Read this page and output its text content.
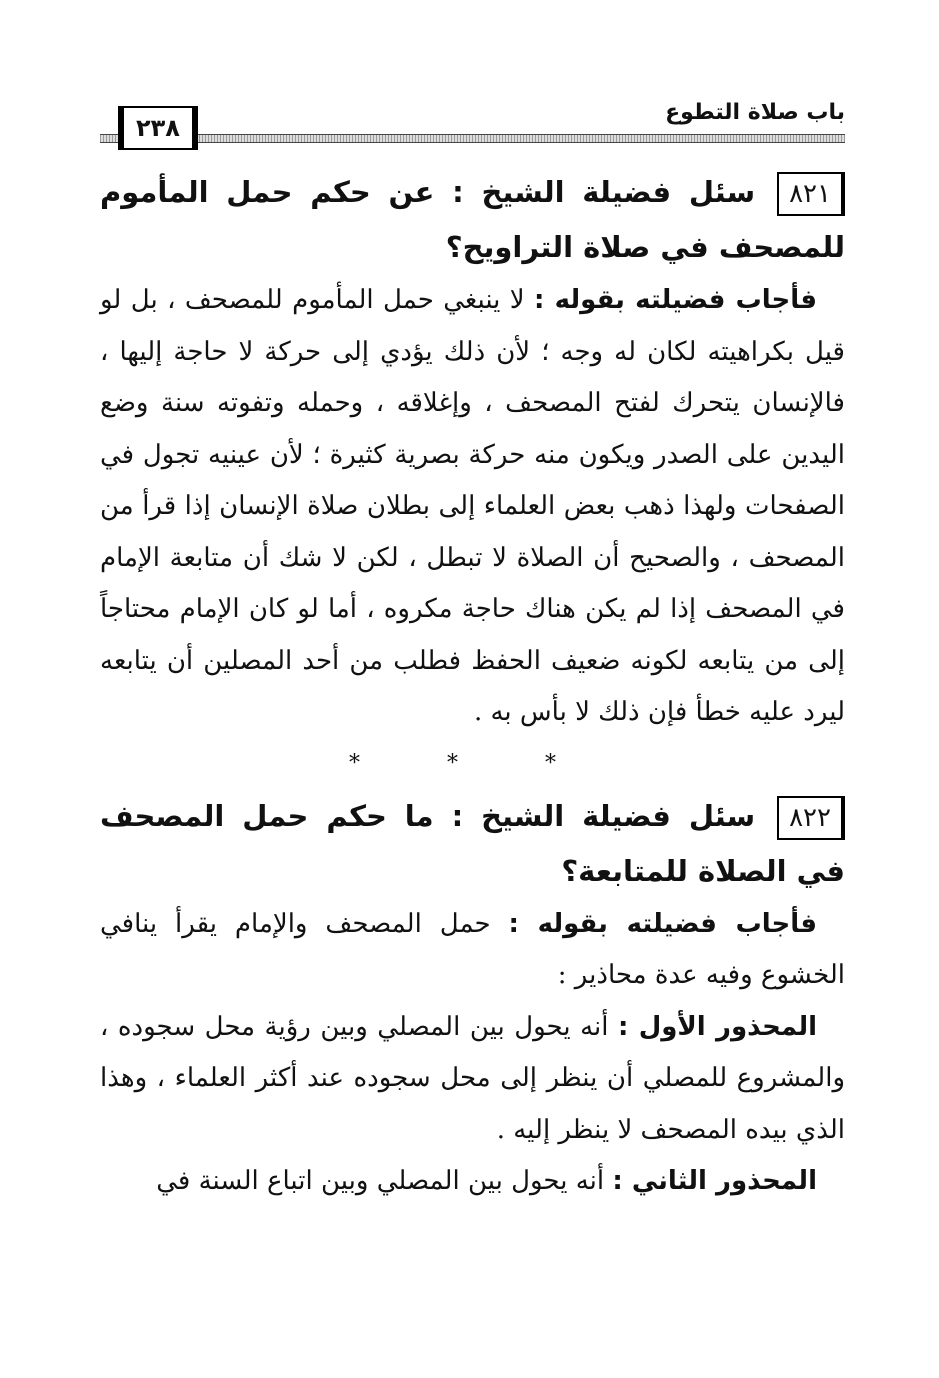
باب صلاة التطوع
٢٣٨

٨٢١سئل فضيلة الشيخ : عن حكم حمل المأموم للمصحف في صلاة التراويح؟

فأجاب فضيلته بقوله : لا ينبغي حمل المأموم للمصحف ، بل لو قيل بكراهيته لكان له وجه ؛ لأن ذلك يؤدي إلى حركة لا حاجة إليها ، فالإنسان يتحرك لفتح المصحف ، وإغلاقه ، وحمله وتفوته سنة وضع اليدين على الصدر ويكون منه حركة بصرية كثيرة ؛ لأن عينيه تجول في الصفحات ولهذا ذهب بعض العلماء إلى بطلان صلاة الإنسان إذا قرأ من المصحف ، والصحيح أن الصلاة لا تبطل ، لكن لا شك أن متابعة الإمام في المصحف إذا لم يكن هناك حاجة مكروه ، أما لو كان الإمام محتاجاً إلى من يتابعه لكونه ضعيف الحفظ فطلب من أحد المصلين أن يتابعه ليرد عليه خطأ فإن ذلك لا بأس به .

* * *

٨٢٢سئل فضيلة الشيخ : ما حكم حمل المصحف في الصلاة للمتابعة؟

فأجاب فضيلته بقوله : حمل المصحف والإمام يقرأ ينافي الخشوع وفيه عدة محاذير :

المحذور الأول : أنه يحول بين المصلي وبين رؤية محل سجوده ، والمشروع للمصلي أن ينظر إلى محل سجوده عند أكثر العلماء ، وهذا الذي بيده المصحف لا ينظر إليه .

المحذور الثاني : أنه يحول بين المصلي وبين اتباع السنة في
